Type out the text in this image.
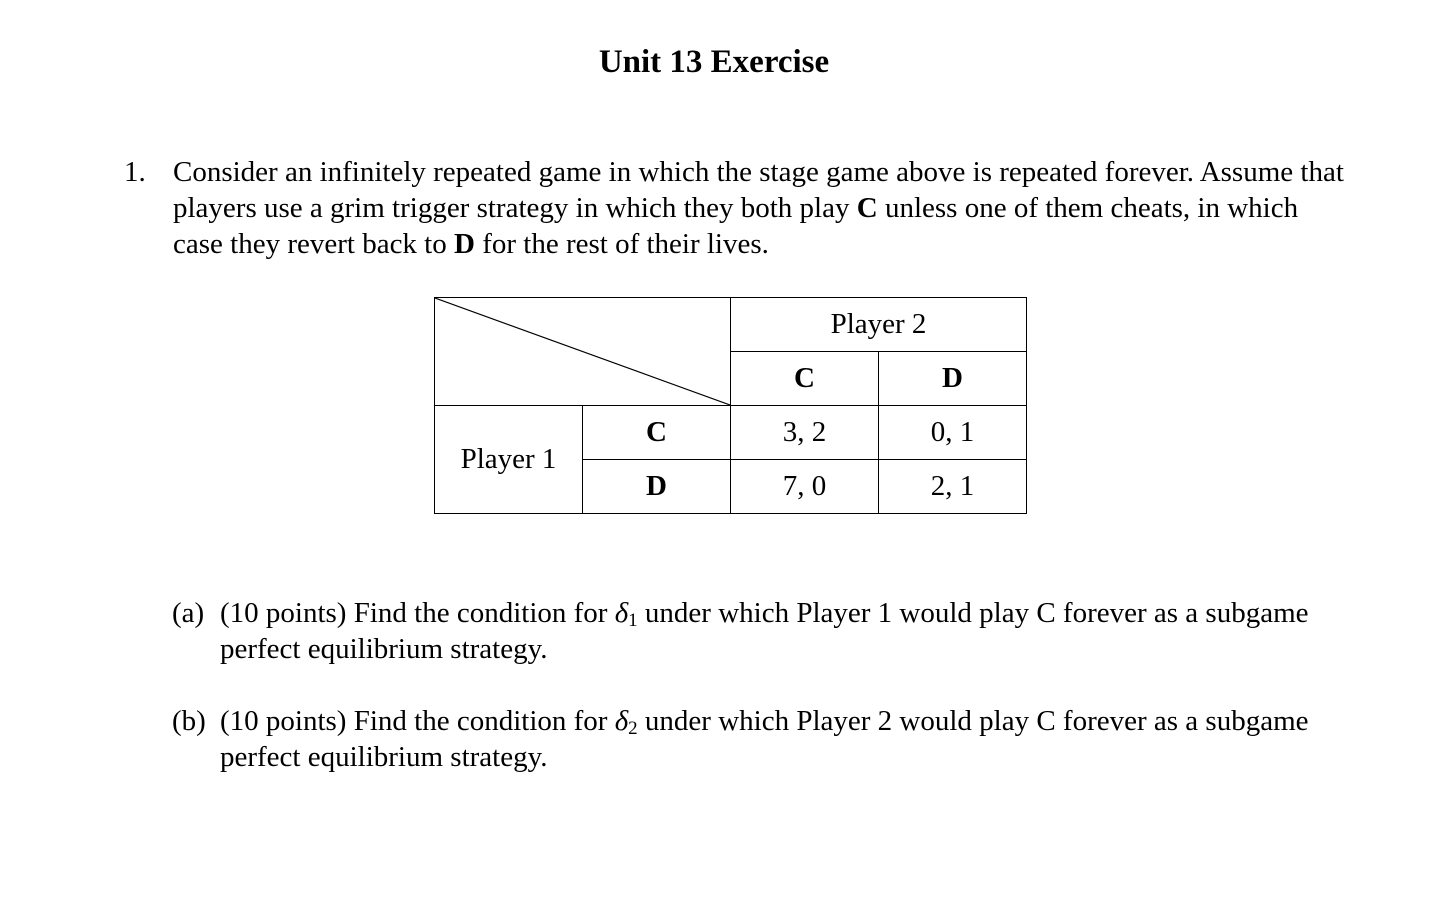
Unit 13 Exercise
1. Consider an infinitely repeated game in which the stage game above is repeated forever. Assume that players use a grim trigger strategy in which they both play C unless one of them cheats, in which case they revert back to D for the rest of their lives.
	Player 2	
		C	D
Player 1	C	3, 2	0, 1
	D	7, 0	2, 1
(a) (10 points) Find the condition for $\delta_1$ under which Player 1 would play C forever as a subgame perfect equilibrium strategy.
(b) (10 points) Find the condition for $\delta_2$ under which Player 2 would play C forever as a subgame perfect equilibrium strategy.
